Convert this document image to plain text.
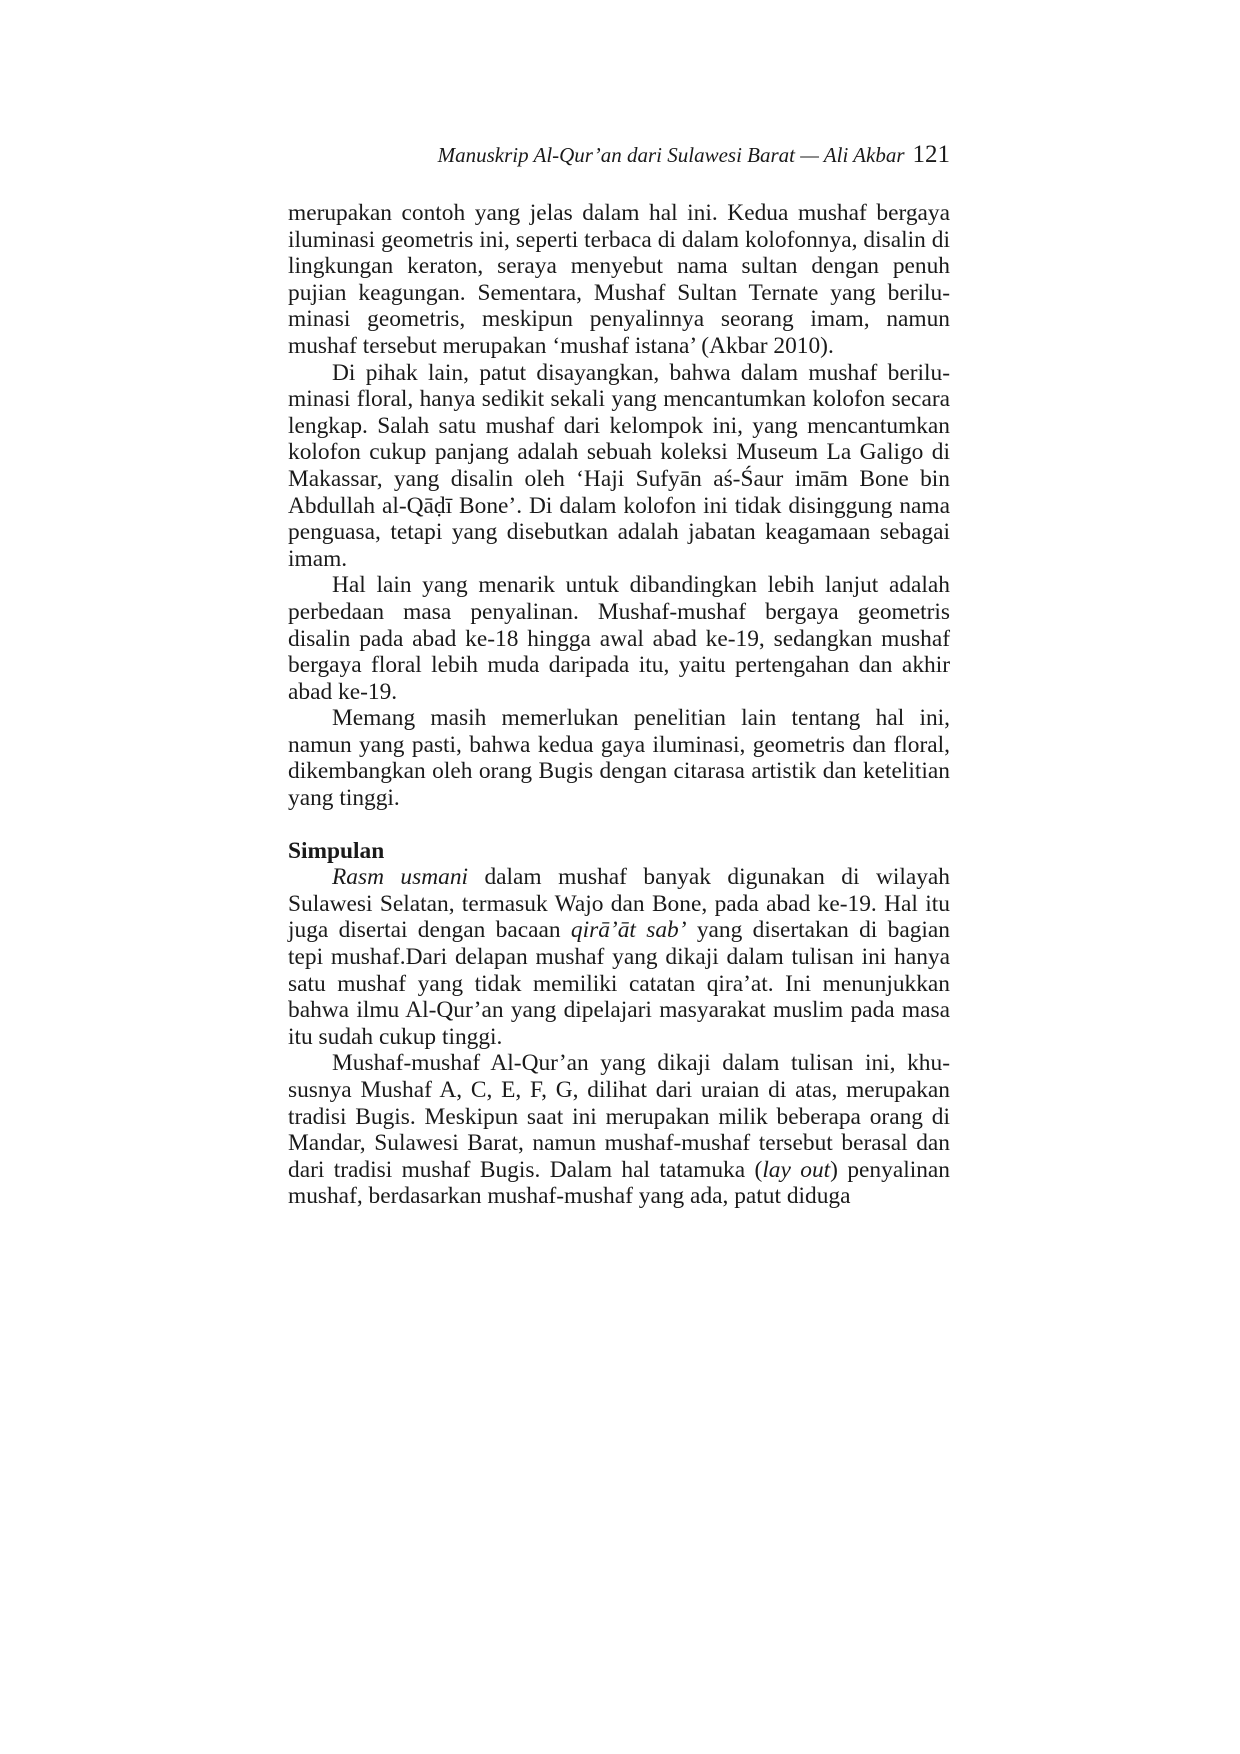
Manuskrip Al-Qur’an dari Sulawesi Barat — Ali Akbar 121

merupakan contoh yang jelas dalam hal ini. Kedua mushaf bergaya iluminasi geometris ini, seperti terbaca di dalam kolofonnya, disalin di lingkungan keraton, seraya menyebut nama sultan dengan penuh pujian keagungan. Sementara, Mushaf Sultan Ternate yang beriluminasi geometris, meskipun penyalinnya seorang imam, namun mushaf tersebut merupakan ‘mushaf istana’ (Akbar 2010).

Di pihak lain, patut disayangkan, bahwa dalam mushaf beriluminasi floral, hanya sedikit sekali yang mencantumkan kolofon secara lengkap. Salah satu mushaf dari kelompok ini, yang mencantumkan kolofon cukup panjang adalah sebuah koleksi Museum La Galigo di Makassar, yang disalin oleh ‘Haji Sufyān aś-Śaur imām Bone bin Abdullah al-Qāḍī Bone’. Di dalam kolofon ini tidak disinggung nama penguasa, tetapi yang disebutkan adalah jabatan keagamaan sebagai imam.

Hal lain yang menarik untuk dibandingkan lebih lanjut adalah perbedaan masa penyalinan. Mushaf-mushaf bergaya geometris disalin pada abad ke-18 hingga awal abad ke-19, sedangkan mushaf bergaya floral lebih muda daripada itu, yaitu pertengahan dan akhir abad ke-19.

Memang masih memerlukan penelitian lain tentang hal ini, namun yang pasti, bahwa kedua gaya iluminasi, geometris dan floral, dikembangkan oleh orang Bugis dengan citarasa artistik dan ketelitian yang tinggi.

Simpulan

Rasm usmani dalam mushaf banyak digunakan di wilayah Sulawesi Selatan, termasuk Wajo dan Bone, pada abad ke-19. Hal itu juga disertai dengan bacaan qirā’āt sab’ yang disertakan di bagian tepi mushaf.Dari delapan mushaf yang dikaji dalam tulisan ini hanya satu mushaf yang tidak memiliki catatan qira’at. Ini menunjukkan bahwa ilmu Al-Qur’an yang dipelajari masyarakat muslim pada masa itu sudah cukup tinggi.

Mushaf-mushaf Al-Qur’an yang dikaji dalam tulisan ini, khususnya Mushaf A, C, E, F, G, dilihat dari uraian di atas, merupakan tradisi Bugis. Meskipun saat ini merupakan milik beberapa orang di Mandar, Sulawesi Barat, namun mushaf-mushaf tersebut berasal dan dari tradisi mushaf Bugis. Dalam hal tatamuka (lay out) penyalinan mushaf, berdasarkan mushaf-mushaf yang ada, patut diduga
